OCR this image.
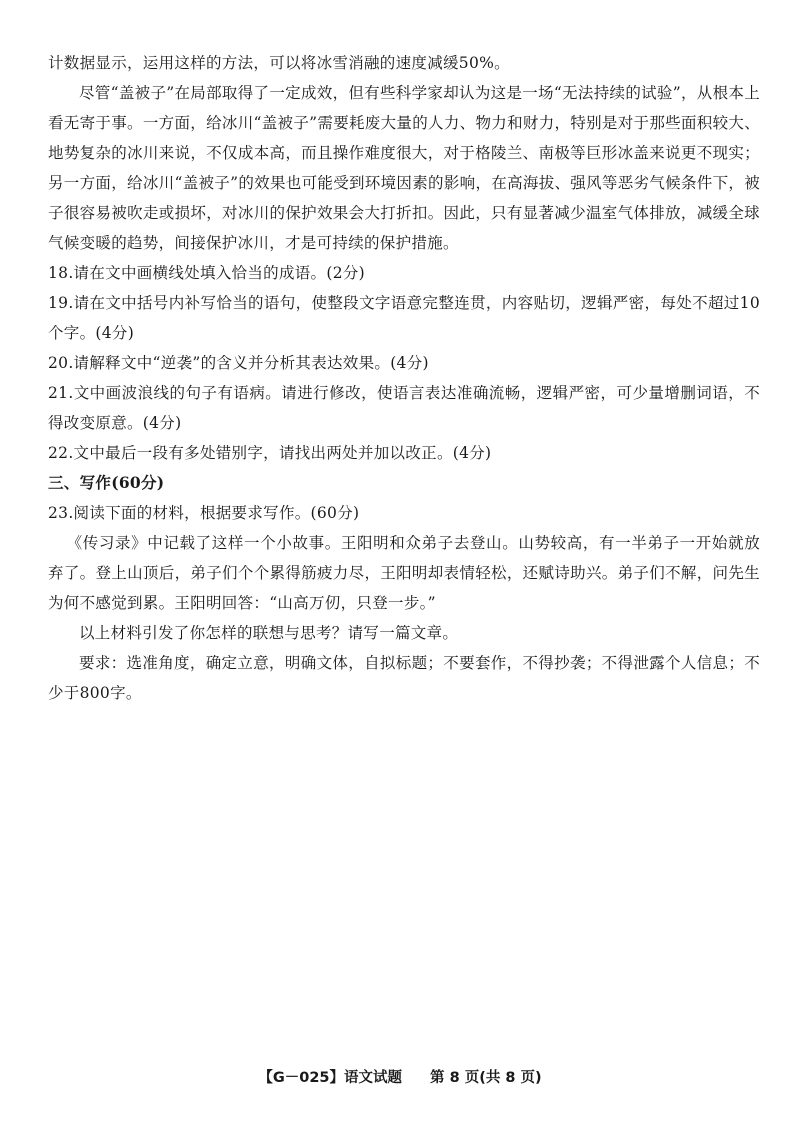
计数据显示，运用这样的方法，可以将冰雪消融的速度减缓50%。

尽管“盖被子”在局部取得了一定成效，但有些科学家却认为这是一场“无法持续的试验”，从根本上看无寄于事。一方面，给冰川“盖被子”需要耗废大量的人力、物力和财力，特别是对于那些面积较大、地势复杂的冰川来说，不仅成本高，而且操作难度很大，对于格陵兰、南极等巨形冰盖来说更不现实；另一方面，给冰川“盖被子”的效果也可能受到环境因素的影响，在高海拔、强风等恶劣气候条件下，被子很容易被吹走或损坏，对冰川的保护效果会大打折扣。因此，只有显著减少温室气体排放，减缓全球气候变暖的趋势，间接保护冰川，才是可持续的保护措施。

18.请在文中画横线处填入恰当的成语。(2分)

19.请在文中括号内补写恰当的语句，使整段文字语意完整连贯，内容贴切，逻辑严密，每处不超过10个字。(4分)

20.请解释文中“逆袭”的含义并分析其表达效果。(4分)

21.文中画波浪线的句子有语病。请进行修改，使语言表达准确流畅，逻辑严密，可少量增删词语，不得改变原意。(4分)

22.文中最后一段有多处错别字，请找出两处并加以改正。(4分)

三、写作(60分)

23.阅读下面的材料，根据要求写作。(60分)

《传习录》中记载了这样一个小故事。王阳明和众弟子去登山。山势较高，有一半弟子一开始就放弃了。登上山顶后，弟子们个个累得筋疲力尽，王阳明却表情轻松，还赋诗助兴。弟子们不解，问先生为何不感觉到累。王阳明回答：“山高万仞，只登一步。”

以上材料引发了你怎样的联想与思考？请写一篇文章。

要求：选准角度，确定立意，明确文体，自拟标题；不要套作，不得抄袭；不得泄露个人信息；不少于800字。

【G－025】语文试题 第 8 页(共 8 页)
